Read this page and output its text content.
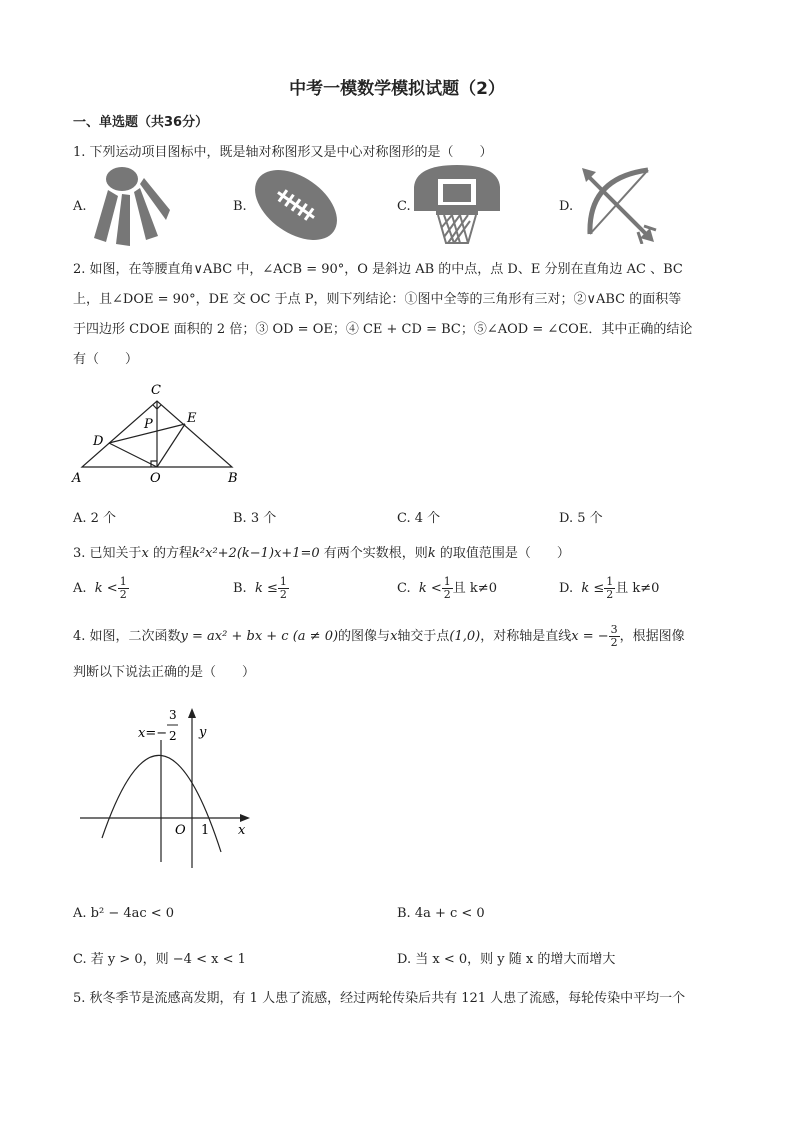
中考一模数学模拟试题（2）
一、单选题（共36分）
1. 下列运动项目图标中，既是轴对称图形又是中心对称图形的是（　　）
A.	B.	C.	D.
2. 如图，在等腰直角∨ABC 中，∠ACB = 90°，O 是斜边 AB 的中点，点 D、E 分别在直角边 AC 、BC
上，且∠DOE = 90°，DE 交 OC 于点 P，则下列结论：①图中全等的三角形有三对；②∨ABC 的面积等
于四边形 CDOE 面积的 2 倍；③ OD = OE；④ CE + CD = BC；⑤∠AOD = ∠COE．其中正确的结论
有（　　）
C
E
P
D
A	O	B
A. 2 个	B. 3 个	C. 4 个	D. 5 个
3. 已知关于x 的方程k²x²+2(k−1)x+1=0 有两个实数根，则k 的取值范围是（　　）
A. $k < \frac{1}{2}$	B. $k \le \frac{1}{2}$	C. $k < \frac{1}{2}$ 且 k≠0	D. $k \le \frac{1}{2}$ 且 k≠0
4. 如图，二次函数y = ax² + bx + c (a ≠ 0)的图像与x轴交于点(1,0)，对称轴是直线x = − $\frac{3}{2}$ ，根据图像
判断以下说法正确的是（　　）
x=−
3
2 y
x
O 1
A. b² − 4ac < 0	B. 4a + c < 0
C. 若 y > 0，则 −4 < x < 1	D. 当 x < 0，则 y 随 x 的增大而增大
5. 秋冬季节是流感高发期，有 1 人患了流感，经过两轮传染后共有 121 人患了流感，每轮传染中平均一个
